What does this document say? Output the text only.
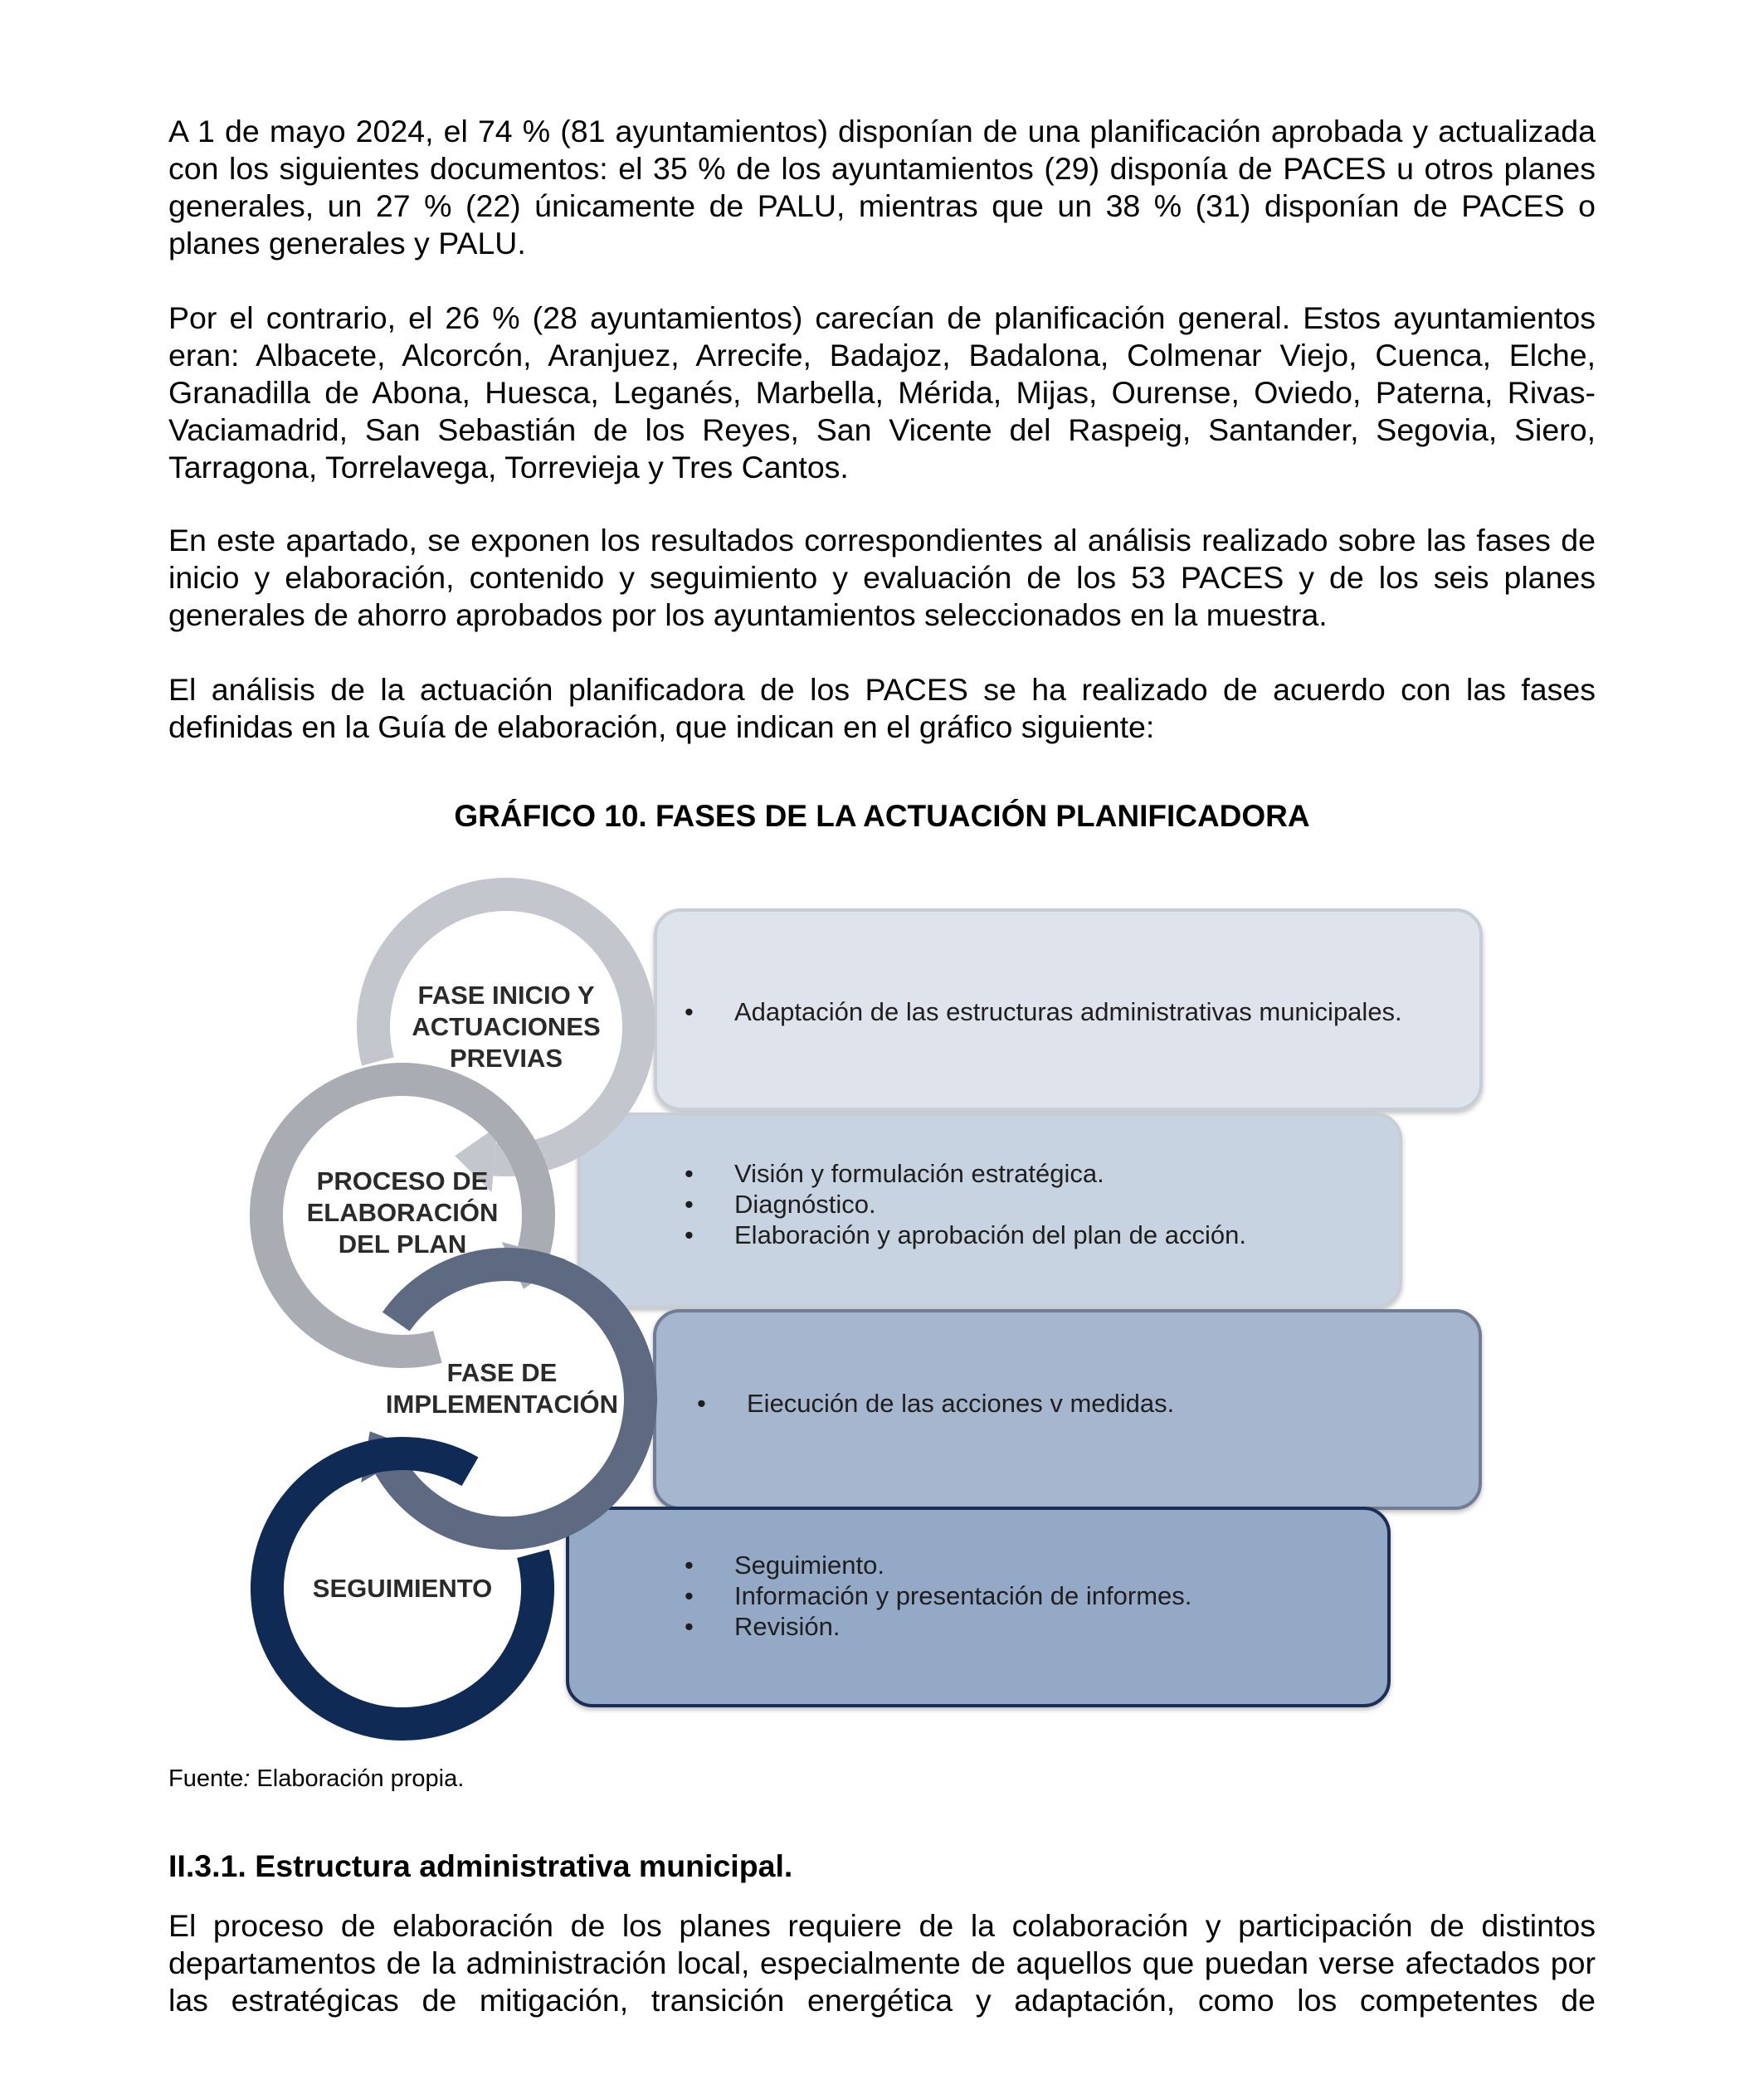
A 1 de mayo 2024, el 74 % (81 ayuntamientos) disponían de una planificación aprobada y actualizada con los siguientes documentos: el 35 % de los ayuntamientos (29) disponía de PACES u otros planes generales, un 27 % (22) únicamente de PALU, mientras que un 38 % (31) disponían de PACES o planes generales y PALU.

Por el contrario, el 26 % (28 ayuntamientos) carecían de planificación general. Estos ayuntamientos eran: Albacete, Alcorcón, Aranjuez, Arrecife, Badajoz, Badalona, Colmenar Viejo, Cuenca, Elche, Granadilla de Abona, Huesca, Leganés, Marbella, Mérida, Mijas, Ourense, Oviedo, Paterna, Rivas-Vaciamadrid, San Sebastián de los Reyes, San Vicente del Raspeig, Santander, Segovia, Siero, Tarragona, Torrelavega, Torrevieja y Tres Cantos.

En este apartado, se exponen los resultados correspondientes al análisis realizado sobre las fases de inicio y elaboración, contenido y seguimiento y evaluación de los 53 PACES y de los seis planes generales de ahorro aprobados por los ayuntamientos seleccionados en la muestra.

El análisis de la actuación planificadora de los PACES se ha realizado de acuerdo con las fases definidas en la Guía de elaboración, que indican en el gráfico siguiente:

GRÁFICO 10. FASES DE LA ACTUACIÓN PLANIFICADORA

• Adaptación de las estructuras administrativas municipales.
• Visión y formulación estratégica.
• Diagnóstico.
• Elaboración y aprobación del plan de acción.
• Eiecución de las acciones v medidas.
• Seguimiento.
• Información y presentación de informes.
• Revisión.
FASE INICIO Y
ACTUACIONES
PREVIAS
PROCESO DE
ELABORACIÓN
DEL PLAN
FASE DE
IMPLEMENTACIÓN
SEGUIMIENTO

Fuente: Elaboración propia.

II.3.1. Estructura administrativa municipal.

El proceso de elaboración de los planes requiere de la colaboración y participación de distintos departamentos de la administración local, especialmente de aquellos que puedan verse afectados por las estratégicas de mitigación, transición energética y adaptación, como los competentes de
